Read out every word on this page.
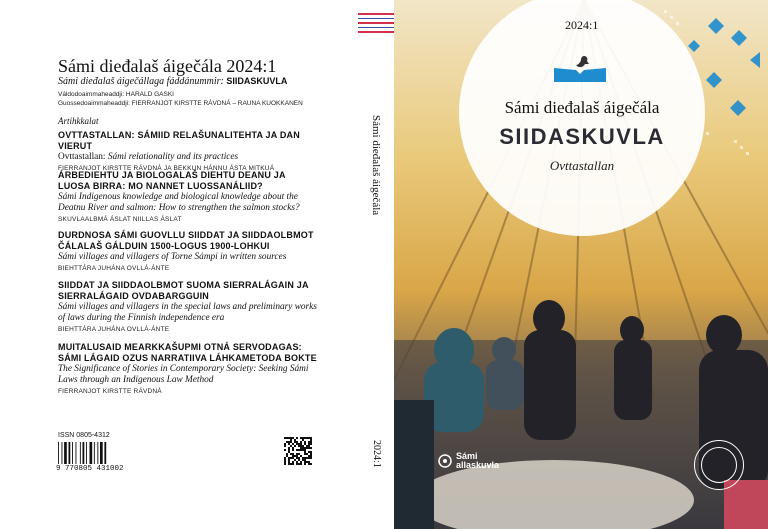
Sámi dieđalaš áigečála 2024:1
Sámi dieđalaš áigečállaga fáddánummir: SIIDASKUVLA
Váldodoaimmaheaddji: HARALD GASKI
Guossedoaimmaheaddji: FIERRANJOT KIRSTTE RÁVDNÁ – RAUNA KUOKKANEN
Artihkkalat
OVTTASTALLAN: SÁMIID RELAŠUNALITEHTA JA DAN VIERUT
Ovttastallan: Sámi relationality and its practices
FIERRANJOT KIRSTTE RÁVDNÁ JA BEKKUN HÁNNU ÁSTA MITKUÁ
ÁRBEDIEHTU JA BIOLOGALAŠ DIEHTU DEANU JA LUOSA BIRRA: MO NANNET LUOSSANÁLIID?
Sámi Indigenous knowledge and biological knowledge about the Deatnu River and salmon: How to strengthen the salmon stocks?
SKUVLAALBMÁ ÁSLAT NIILLAS ÁSLAT
DURDNOSA SÁMI GUOVLLU SIIDDAT JA SIIDDAOLBMOT ČÁLALAŠ GÁLDUIN 1500-LOGUS 1900-LOHKUI
Sámi villages and villagers of Torne Sámpi in written sources
BIEHTTÁRA JUHÁNA OVLLÁ-ÁNTE
SIIDDAT JA SIIDDAOLBMOT SUOMA SIERRALÁGAIN JA SIERRALÁGAID OVDABARGGUIN
Sámi villages and villagers in the special laws and preliminary works of laws during the Finnish independence era
BIEHTTÁRA JUHÁNA OVLLÁ-ÁNTE
MUITALUSAID MEARKKAŠUPMI OTNÁ SERVODAGAS: SÁMI LÁGAID OZUS NARRATIIVA LÁHKAMETODA BOKTE
The Significance of Stories in Contemporary Society: Seeking Sámi Laws through an Indigenous Law Method
FIERRANJOT KIRSTTE RÁVDNÁ
ISSN 0805-4312
9 770805 431002
Sámi dieđalaš áigečála
2024:1
2024:1
Sámi dieđalaš áigečála
SIIDASKUVLA
Ovttastallan
Sámi
allaskuvla
